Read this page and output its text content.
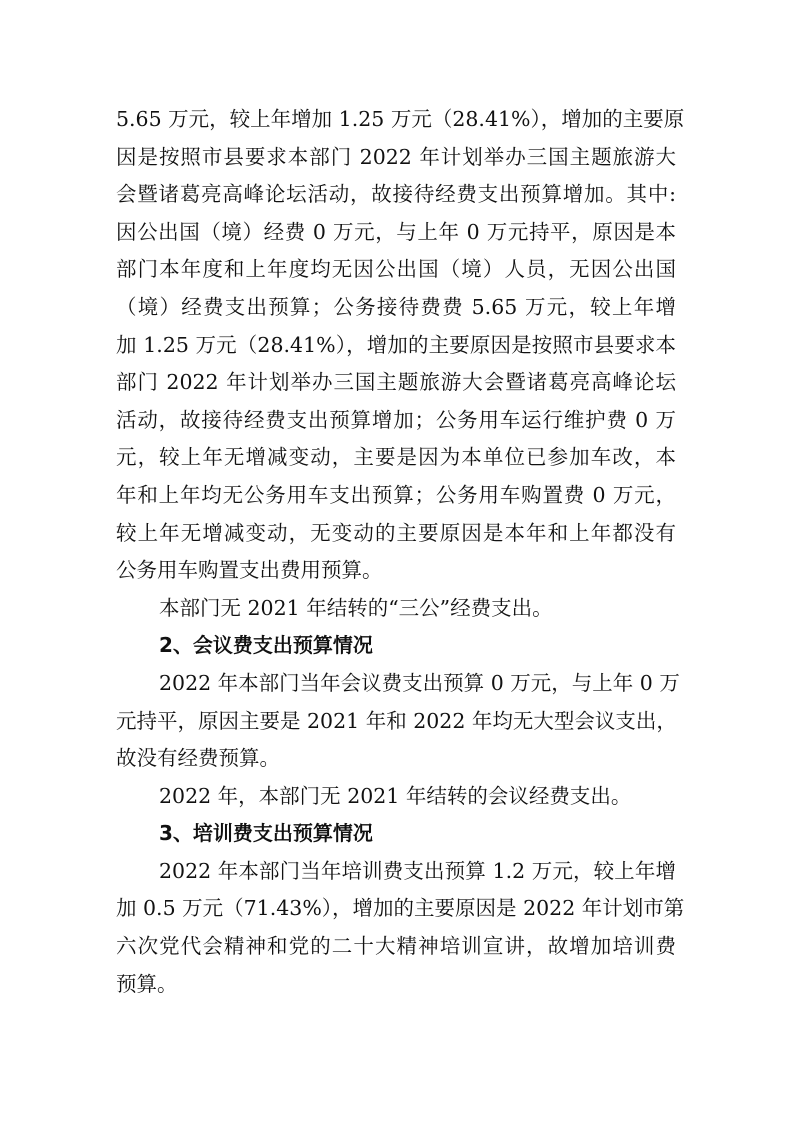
5.65 万元，较上年增加 1.25 万元（28.41%），增加的主要原
因是按照市县要求本部门 2022 年计划举办三国主题旅游大
会暨诸葛亮高峰论坛活动，故接待经费支出预算增加。其中:
因公出国（境）经费 0 万元，与上年 0 万元持平，原因是本
部门本年度和上年度均无因公出国（境）人员，无因公出国
（境）经费支出预算；公务接待费费 5.65 万元，较上年增
加 1.25 万元（28.41%），增加的主要原因是按照市县要求本
部门 2022 年计划举办三国主题旅游大会暨诸葛亮高峰论坛
活动，故接待经费支出预算增加；公务用车运行维护费 0 万
元，较上年无增减变动，主要是因为本单位已参加车改，本
年和上年均无公务用车支出预算；公务用车购置费 0 万元，
较上年无增减变动，无变动的主要原因是本年和上年都没有
公务用车购置支出费用预算。
本部门无 2021 年结转的“三公”经费支出。
2、会议费支出预算情况
2022 年本部门当年会议费支出预算 0 万元，与上年 0 万
元持平，原因主要是 2021 年和 2022 年均无大型会议支出，
故没有经费预算。
2022 年，本部门无 2021 年结转的会议经费支出。
3、培训费支出预算情况
2022 年本部门当年培训费支出预算 1.2 万元，较上年增
加 0.5 万元（71.43%），增加的主要原因是 2022 年计划市第
六次党代会精神和党的二十大精神培训宣讲，故增加培训费
预算。
